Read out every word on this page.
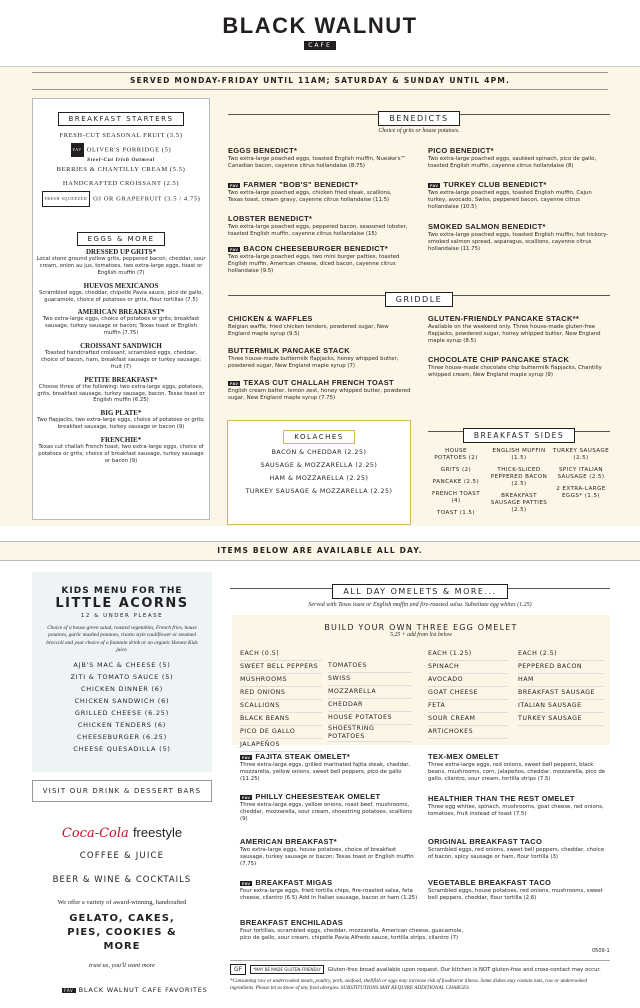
BLACK WALNUT
CAFE
SERVED MONDAY-FRIDAY UNTIL 11AM; SATURDAY & SUNDAY UNTIL 4PM.
BREAKFAST STARTERS
FRESH-CUT SEASONAL FRUIT (3.5)
FAV OLIVER'S PORRIDGE (5)
Steel-Cut Irish Oatmeal
BERRIES & CHANTILLY CREAM (5.5)
HANDCRAFTED CROISSANT (2.5)
FRESH SQUEEZED OJ OR GRAPEFRUIT (3.5 / 4.75)
EGGS & MORE
DRESSED UP GRITS*
Local stone ground yellow grits, peppered bacon, cheddar, sour cream, onion au jus, tomatoes, two extra-large eggs, toast or English muffin (7)
HUEVOS MEXICANOS
Scrambled eggs, cheddar, chipotle Pavia sauce, pico de gallo, guacamole, choice of potatoes or grits, flour tortillas (7.5)
AMERICAN BREAKFAST*
Two extra-large eggs, choice of potatoes or grits; breakfast sausage, turkey sausage or bacon; Texas toast or English muffin (7.75)
CROISSANT SANDWICH
Toasted handcrafted croissant, scrambled eggs, cheddar, choice of bacon, ham, breakfast sausage or turkey sausage; fruit (7)
PETITE BREAKFAST*
Choose three of the following: two extra-large eggs, potatoes, grits, breakfast sausage, turkey sausage, bacon, Texas toast or English muffin (6.25)
BIG PLATE*
Two flapjacks, two extra-large eggs, choice of potatoes or grits; breakfast sausage, turkey sausage or bacon (9)
FRENCHIE*
Texas cut challah French toast, two extra-large eggs, choice of potatoes or grits; choice of breakfast sausage, turkey sausage or bacon (9)
BENEDICTS
Choice of grits or house potatoes.
EGGS BENEDICT*
Two extra-large poached eggs, toasted English muffin, Nueske's™ Canadian bacon, cayenne citrus hollandaise (8.75)
PICO BENEDICT*
Two extra-large poached eggs, sautéed spinach, pico de gallo, toasted English muffin, cayenne citrus hollandaise (8)
FAV FARMER "BOB'S" BENEDICT*
Two extra-large poached eggs, chicken fried steak, scallions, Texas toast, cream gravy, cayenne citrus hollandaise (11.5)
FAV TURKEY CLUB BENEDICT*
Two extra-large poached eggs, toasted English muffin, Cajun turkey, avocado, Swiss, peppered bacon, cayenne citrus hollandaise (10.5)
LOBSTER BENEDICT*
Two extra-large poached eggs, peppered bacon, seasoned lobster, toasted English muffin, cayenne citrus hollandaise (15)
SMOKED SALMON BENEDICT*
Two extra-large poached eggs, toasted English muffin, hot hickory-smoked salmon spread, asparagus, scallions, cayenne citrus hollandaise (11.75)
FAV BACON CHEESEBURGER BENEDICT*
Two extra-large poached eggs, two mini burger patties, toasted English muffin, American cheese, diced bacon, cayenne citrus hollandaise (9.5)
GRIDDLE
CHICKEN & WAFFLES
Belgian waffle, fried chicken tenders, powdered sugar, New England maple syrup (9.5)
GLUTEN-FRIENDLY PANCAKE STACK**
Available on the weekend only. Three house-made gluten-free flapjacks, powdered sugar, honey whipped butter, New England maple syrup (8.5)
BUTTERMILK PANCAKE STACK
Three house-made buttermilk flapjacks, honey whipped butter, powdered sugar, New England maple syrup (7)
CHOCOLATE CHIP PANCAKE STACK
Three house-made chocolate chip buttermilk flapjacks, Chantilly whipped cream, New England maple syrup (9)
FAV TEXAS CUT CHALLAH FRENCH TOAST
English cream batter, lemon zest, honey whipped butter, powdered sugar, New England maple syrup (7.75)
KOLACHES
BACON & CHEDDAR (2.25)
SAUSAGE & MOZZARELLA (2.25)
HAM & MOZZARELLA (2.25)
TURKEY SAUSAGE & MOZZARELLA (2.25)
BREAKFAST SIDES
HOUSE POTATOES (2)
GRITS (2)
PANCAKE (2.5)
FRENCH TOAST (4)
TOAST (1.5)
ENGLISH MUFFIN (1.5)
THICK-SLICED PEPPERED BACON (2.5)
BREAKFAST SAUSAGE PATTIES (2.5)
TURKEY SAUSAGE (2.5)
SPICY ITALIAN SAUSAGE (2.5)
2 EXTRA-LARGE EGGS* (1.5)
ITEMS BELOW ARE AVAILABLE ALL DAY.
KIDS MENU FOR THE
LITTLE ACORNS
12 & UNDER PLEASE
Choice of a house green salad, roasted vegetables, French fries, house potatoes, garlic mashed potatoes, risotto style cauliflower or steamed broccoli and your choice of a fountain drink or an organic Honest Kids juice.
AJB'S MAC & CHEESE (5)
ZITI & TOMATO SAUCE (5)
CHICKEN DINNER (6)
CHICKEN SANDWICH (6)
GRILLED CHEESE (6.25)
CHICKEN TENDERS (6)
CHEESEBURGER (6.25)
CHEESE QUESADILLA (5)
VISIT OUR DRINK & DESSERT BARS
Coca-Cola freestyle
COFFEE & JUICE
BEER & WINE & COCKTAILS
We offer a variety of award-winning, handcrafted
GELATO, CAKES, PIES, COOKIES & MORE
trust us, you'll want more
FAV BLACK WALNUT CAFE FAVORITES
ALL DAY OMELETS & MORE...
Served with Texas toast or English muffin and fire-roasted salsa. Substitute egg whites (1.25)
BUILD YOUR OWN THREE EGG OMELET
5.25 + add from list below
EACH (0.5)
SWEET BELL PEPPERS
MUSHROOMS
RED ONIONS
SCALLIONS
BLACK BEANS
PICO DE GALLO
JALAPEÑOS
TOMATOES
SWISS
MOZZARELLA
CHEDDAR
HOUSE POTATOES
SHOESTRING POTATOES
EACH (1.25)
SPINACH
AVOCADO
GOAT CHEESE
FETA
SOUR CREAM
ARTICHOKES
EACH (2.5)
PEPPERED BACON
HAM
BREAKFAST SAUSAGE
ITALIAN SAUSAGE
TURKEY SAUSAGE
FAV FAJITA STEAK OMELET*
Three extra-large eggs, grilled marinated fajita steak, cheddar, mozzarella, yellow onions, sweet bell peppers, pico de gallo (11.25)
TEX-MEX OMELET
Three extra-large eggs, red onions, sweet bell peppers, black beans, mushrooms, corn, jalapeños, cheddar, mozzarella, pico de gallo, cilantro, sour cream, tortilla strips (7.5)
FAV PHILLY CHEESESTEAK OMELET
Three extra-large eggs, yellow onions, roast beef, mushrooms, cheddar, mozzarella, sour cream, shoestring potatoes, scallions (9)
HEALTHIER THAN THE REST OMELET
Three egg whites, spinach, mushrooms, goat cheese, red onions, tomatoes, fruit instead of toast (7.5)
AMERICAN BREAKFAST*
Two extra-large eggs, house potatoes, choice of breakfast sausage, turkey sausage or bacon; Texas toast or English muffin (7.75)
ORIGINAL BREAKFAST TACO
Scrambled eggs, red onions, sweet bell peppers, cheddar, choice of bacon, spicy sausage or ham, flour tortilla (3)
FAV BREAKFAST MIGAS
Four extra-large eggs, fried tortilla chips, fire-roasted salsa, feta cheese, cilantro (6.5) Add in Italian sausage, bacon or ham (1.25)
VEGETABLE BREAKFAST TACO
Scrambled eggs, house potatoes, red onions, mushrooms, sweet bell peppers, cheddar, flour tortilla (2.6)
BREAKFAST ENCHILADAS
Four tortillas, scrambled eggs, cheddar, mozzarella, American cheese, guacamole, pico de gallo, sour cream, chipotle Pavia Alfredo sauce, tortilla strips, cilantro (7)
0509-1
GF	*MAY BE MADE GLUTEN-FRIENDLY	Gluten-free bread available upon request. Our kitchen is NOT gluten-free and cross-contact may occur.
*Consuming raw or undercooked meats, poultry, pork, seafood, shellfish or eggs may increase risk of foodborne illness. Some dishes may contain nuts, raw or undercooked ingredients. Please let us know of any food allergies. SUBSTITUTIONS MAY REQUIRE ADDITIONAL CHARGES.
